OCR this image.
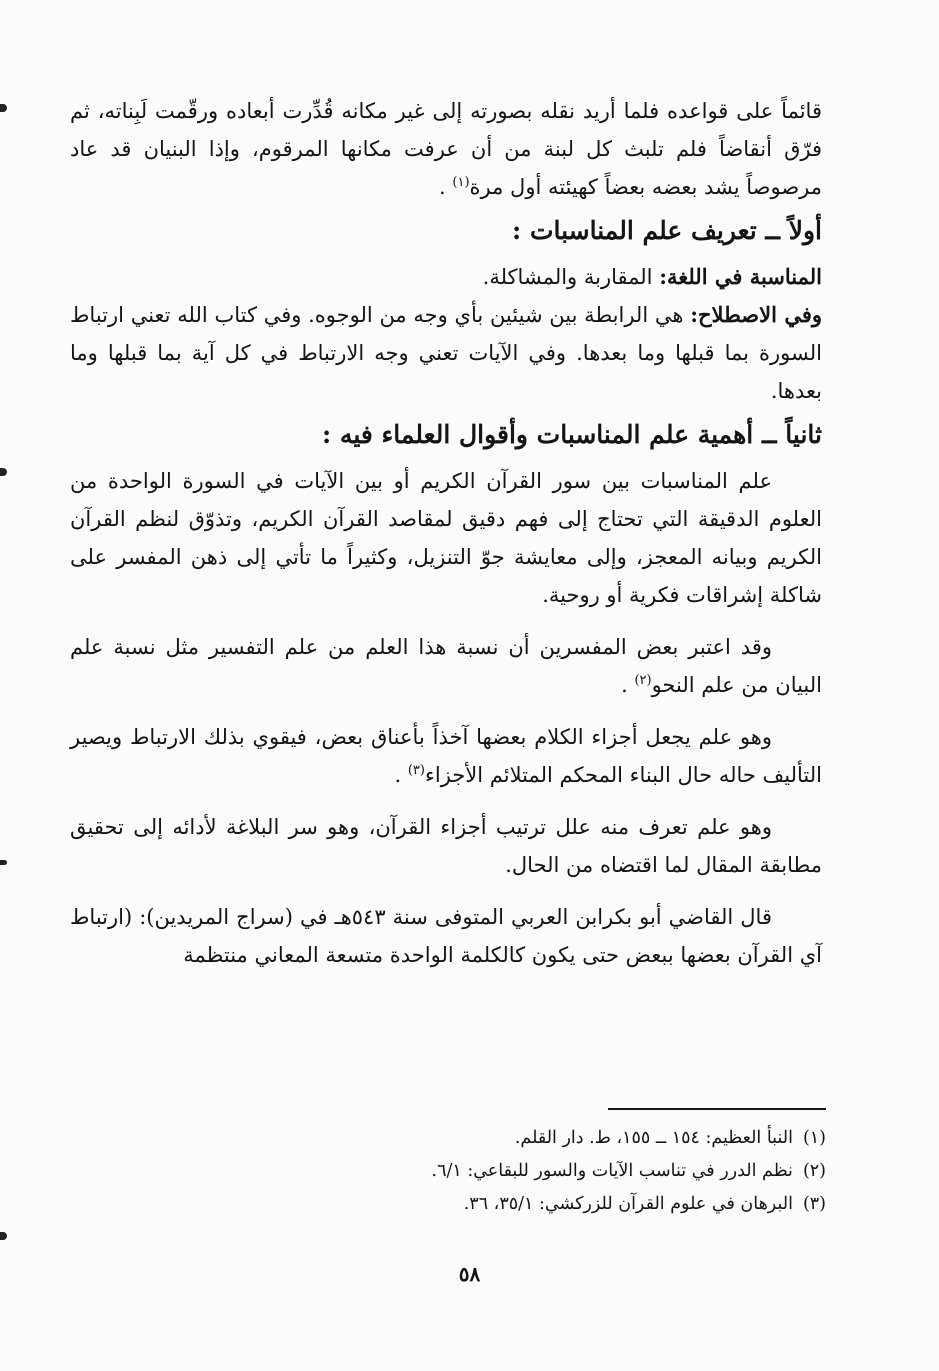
قائماً على قواعده فلما أريد نقله بصورته إلى غير مكانه قُدِّرت أبعاده ورقّمت لَبِناته، ثم فرّق أنقاضاً فلم تلبث كل لبنة من أن عرفت مكانها المرقوم، وإذا البنيان قد عاد مرصوصاً يشد بعضه بعضاً كهيئته أول مرة$^{(١)}$ .

أولاً ــ تعريف علم المناسبات :

المناسبة في اللغة: المقاربة والمشاكلة.

وفي الاصطلاح: هي الرابطة بين شيئين بأي وجه من الوجوه. وفي كتاب الله تعني ارتباط السورة بما قبلها وما بعدها. وفي الآيات تعني وجه الارتباط في كل آية بما قبلها وما بعدها.

ثانياً ــ أهمية علم المناسبات وأقوال العلماء فيه :

علم المناسبات بين سور القرآن الكريم أو بين الآيات في السورة الواحدة من العلوم الدقيقة التي تحتاج إلى فهم دقيق لمقاصد القرآن الكريم، وتذوّق لنظم القرآن الكريم وبيانه المعجز، وإلى معايشة جوّ التنزيل، وكثيراً ما تأتي إلى ذهن المفسر على شاكلة إشراقات فكرية أو روحية.

وقد اعتبر بعض المفسرين أن نسبة هذا العلم من علم التفسير مثل نسبة علم البيان من علم النحو$^{(٢)}$ .

وهو علم يجعل أجزاء الكلام بعضها آخذاً بأعناق بعض، فيقوي بذلك الارتباط ويصير التأليف حاله حال البناء المحكم المتلائم الأجزاء$^{(٣)}$ .

وهو علم تعرف منه علل ترتيب أجزاء القرآن، وهو سر البلاغة لأدائه إلى تحقيق مطابقة المقال لما اقتضاه من الحال.

قال القاضي أبو بكرابن العربي المتوفى سنة ٥٤٣هـ في (سراج المريدين): (ارتباط آي القرآن بعضها ببعض حتى يكون كالكلمة الواحدة متسعة المعاني منتظمة

(١)النبأ العظيم: ١٥٤ ــ ١٥٥، ط. دار القلم.

(٢)نظم الدرر في تناسب الآيات والسور للبقاعي: ٦/١.

(٣)البرهان في علوم القرآن للزركشي: ٣٥/١، ٣٦.

٥٨
